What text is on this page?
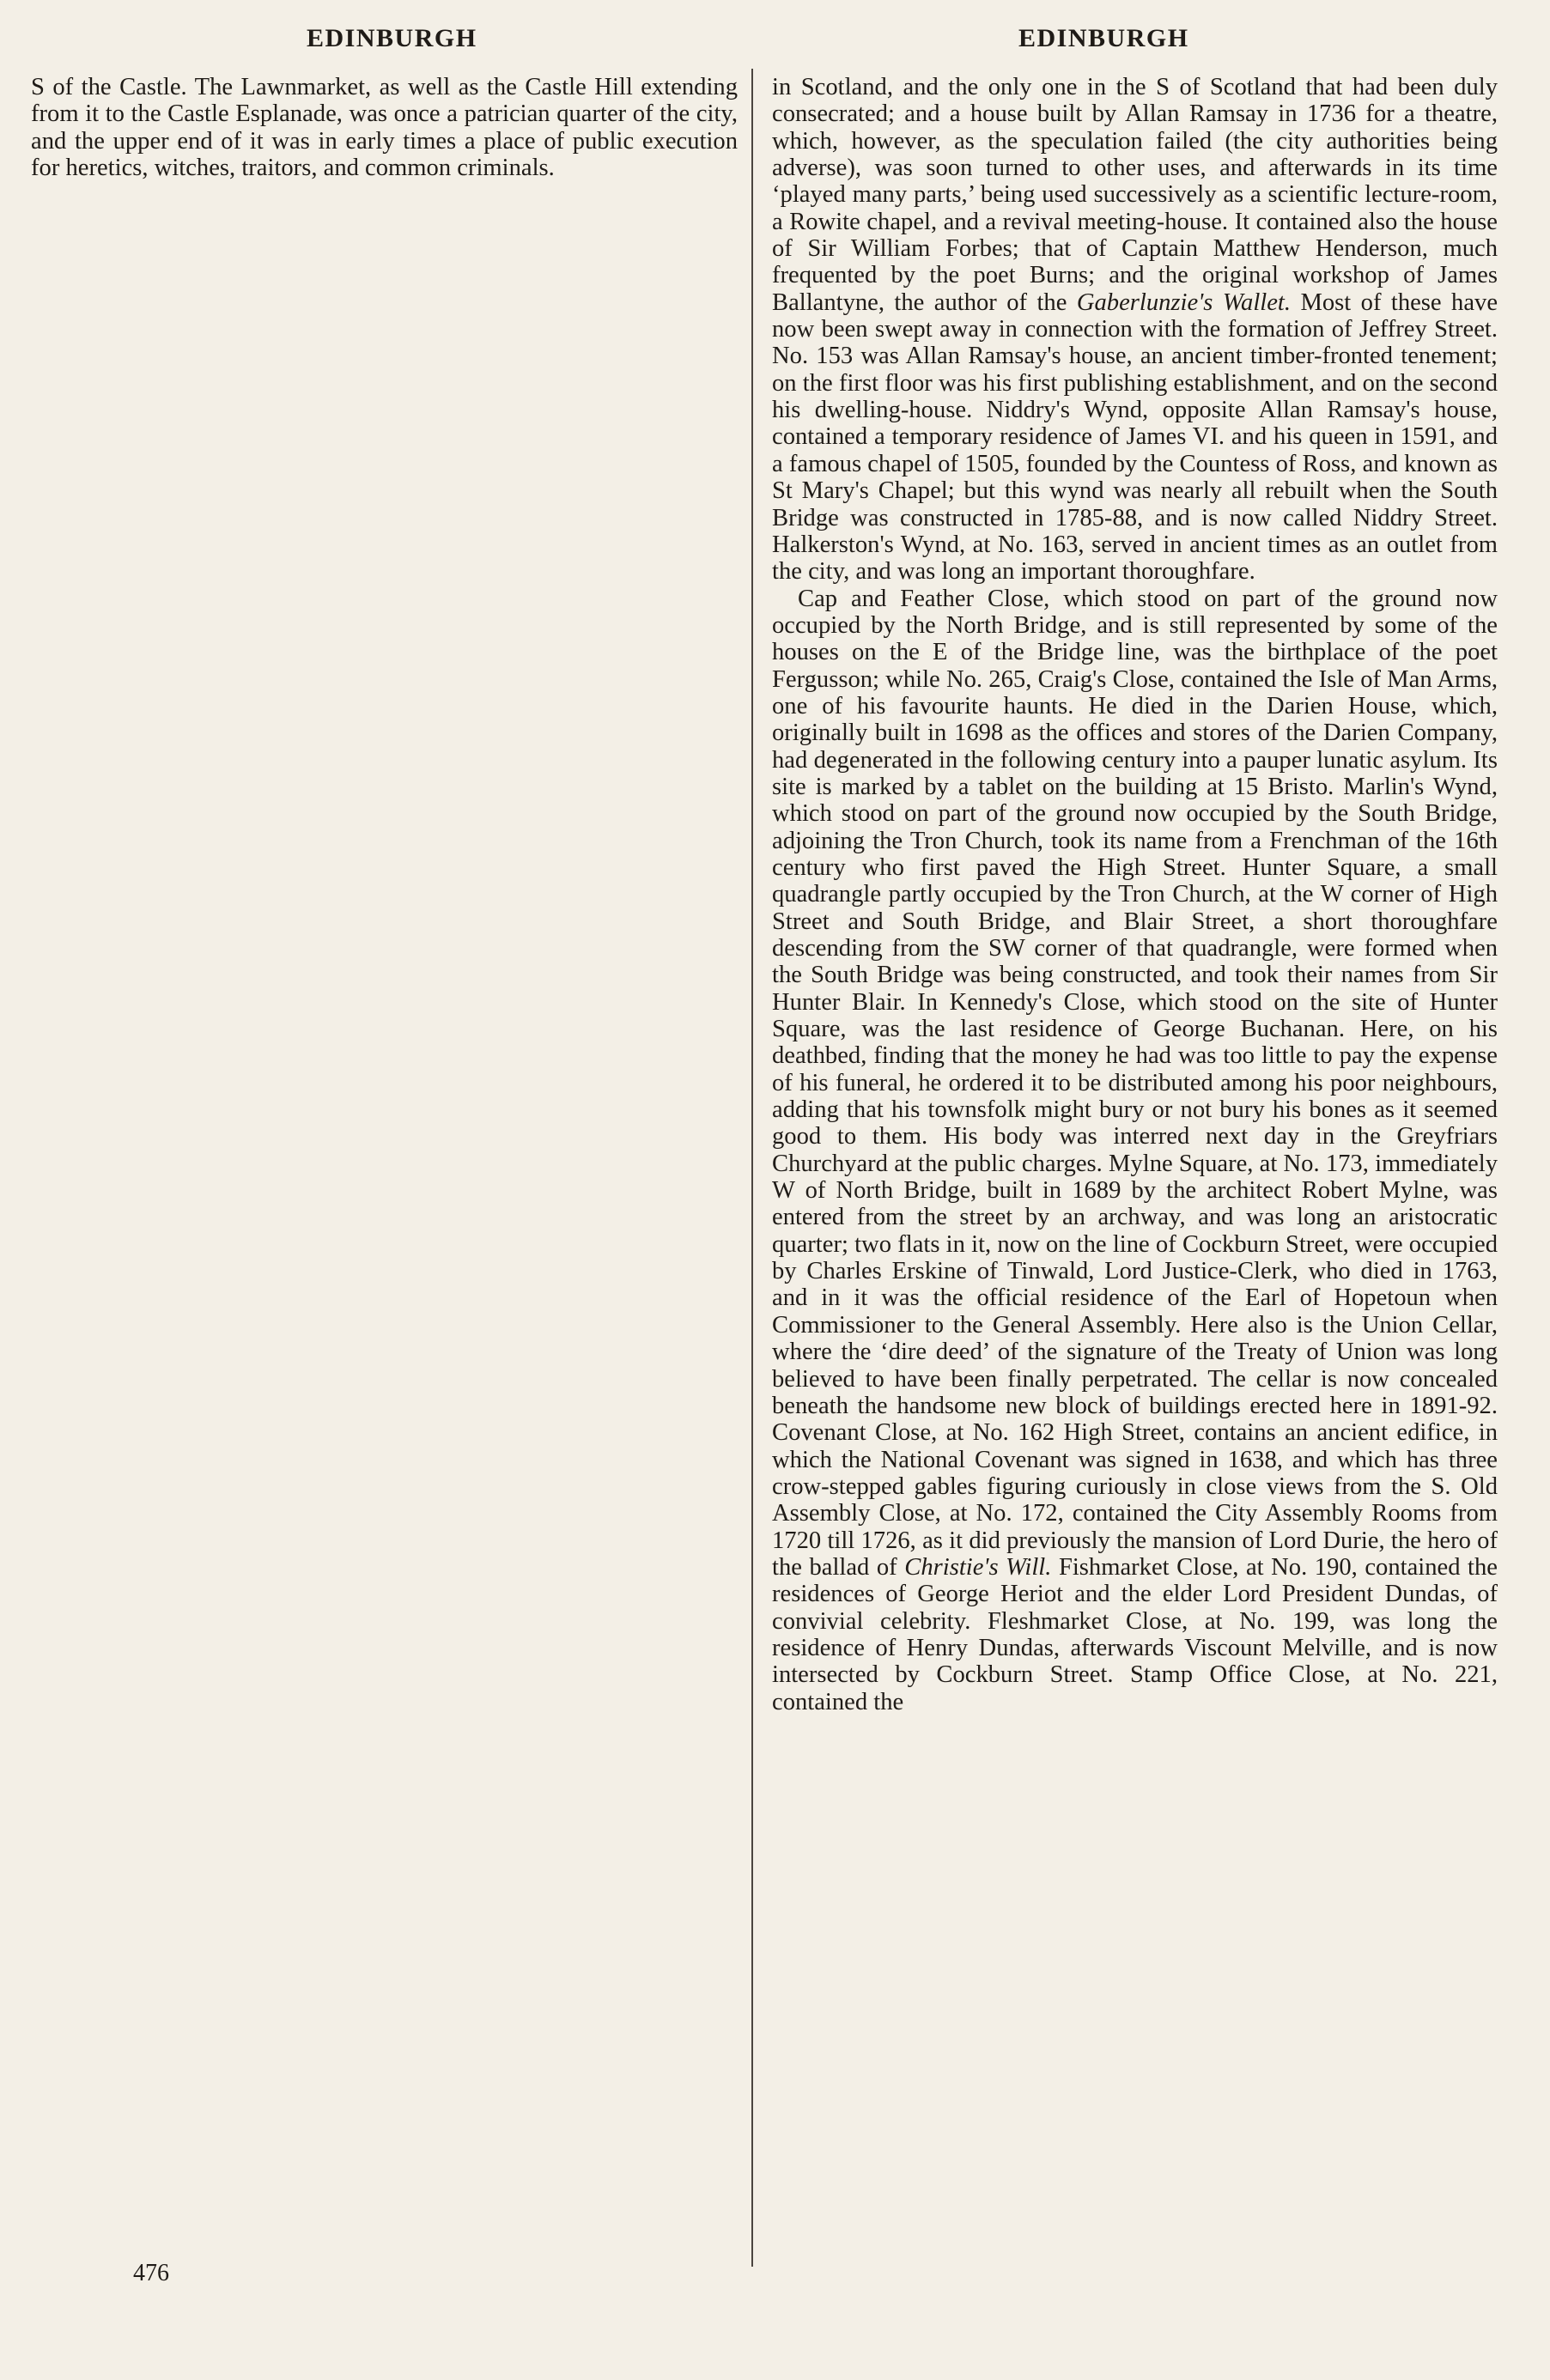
EDINBURGH	EDINBURGH

S of the Castle. The Lawnmarket, as well as the Castle Hill extending from it to the Castle Esplanade, was once a patrician quarter of the city, and the upper end of it was in early times a place of public execution for heretics, witches, traitors, and common criminals.

in Scotland, and the only one in the S of Scotland that had been duly consecrated; and a house built by Allan Ramsay in 1736 for a theatre, which, however, as the speculation failed (the city authorities being adverse), was soon turned to other uses, and afterwards in its time ‘played many parts,’ being used successively as a scientific lecture-room, a Rowite chapel, and a revival meeting-house. It contained also the house of Sir William Forbes; that of Captain Matthew Henderson, much frequented by the poet Burns; and the original workshop of James Ballantyne, the author of the Gaberlunzie's Wallet. Most of these have now been swept away in connection with the formation of Jeffrey Street. No. 153 was Allan Ramsay's house, an ancient timber-fronted tenement; on the first floor was his first publishing establishment, and on the second his dwelling-house. Niddry's Wynd, opposite Allan Ramsay's house, contained a temporary residence of James VI. and his queen in 1591, and a famous chapel of 1505, founded by the Countess of Ross, and known as St Mary's Chapel; but this wynd was nearly all rebuilt when the South Bridge was constructed in 1785-88, and is now called Niddry Street. Halkerston's Wynd, at No. 163, served in ancient times as an outlet from the city, and was long an important thoroughfare.

Cap and Feather Close, which stood on part of the ground now occupied by the North Bridge, and is still represented by some of the houses on the E of the Bridge line, was the birthplace of the poet Fergusson; while No. 265, Craig's Close, contained the Isle of Man Arms, one of his favourite haunts. He died in the Darien House, which, originally built in 1698 as the offices and stores of the Darien Company, had degenerated in the following century into a pauper lunatic asylum. Its site is marked by a tablet on the building at 15 Bristo. Marlin's Wynd, which stood on part of the ground now occupied by the South Bridge, adjoining the Tron Church, took its name from a Frenchman of the 16th century who first paved the High Street. Hunter Square, a small quadrangle partly occupied by the Tron Church, at the W corner of High Street and South Bridge, and Blair Street, a short thoroughfare descending from the SW corner of that quadrangle, were formed when the South Bridge was being constructed, and took their names from Sir Hunter Blair. In Kennedy's Close, which stood on the site of Hunter Square, was the last residence of George Buchanan. Here, on his deathbed, finding that the money he had was too little to pay the expense of his funeral, he ordered it to be distributed among his poor neighbours, adding that his townsfolk might bury or not bury his bones as it seemed good to them. His body was interred next day in the Greyfriars Churchyard at the public charges. Mylne Square, at No. 173, immediately W of North Bridge, built in 1689 by the architect Robert Mylne, was entered from the street by an archway, and was long an aristocratic quarter; two flats in it, now on the line of Cockburn Street, were occupied by Charles Erskine of Tinwald, Lord Justice-Clerk, who died in 1763, and in it was the official residence of the Earl of Hopetoun when Commissioner to the General Assembly. Here also is the Union Cellar, where the ‘dire deed’ of the signature of the Treaty of Union was long believed to have been finally perpetrated. The cellar is now concealed beneath the handsome new block of buildings erected here in 1891-92. Covenant Close, at No. 162 High Street, contains an ancient edifice, in which the National Covenant was signed in 1638, and which has three crow-stepped gables figuring curiously in close views from the S. Old Assembly Close, at No. 172, contained the City Assembly Rooms from 1720 till 1726, as it did previously the mansion of Lord Durie, the hero of the ballad of Christie's Will. Fishmarket Close, at No. 190, contained the residences of George Heriot and the elder Lord President Dundas, of convivial celebrity. Fleshmarket Close, at No. 199, was long the residence of Henry Dundas, afterwards Viscount Melville, and is now intersected by Cockburn Street. Stamp Office Close, at No. 221, contained the

476
